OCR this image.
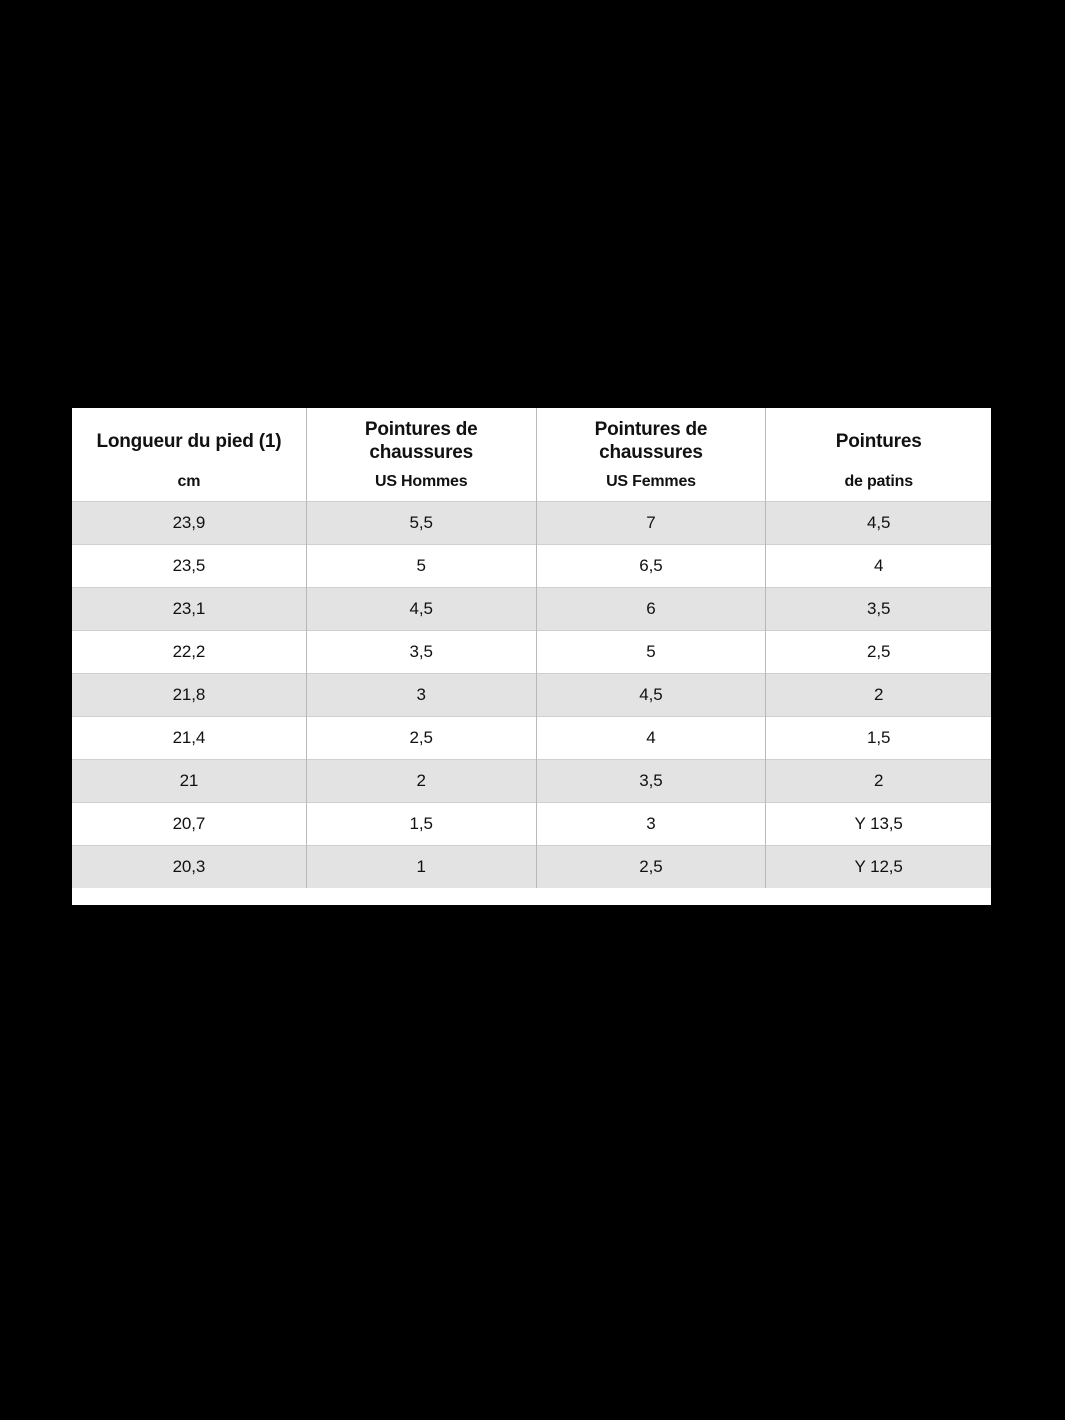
Longueur du pied (1)	Pointures de chaussures	Pointures de chaussures	Pointures
cm	US Hommes	US Femmes	de patins
23,9	5,5	7	4,5
23,5	5	6,5	4
23,1	4,5	6	3,5
22,2	3,5	5	2,5
21,8	3	4,5	2
21,4	2,5	4	1,5
21	2	3,5	2
20,7	1,5	3	Y 13,5
20,3	1	2,5	Y 12,5
